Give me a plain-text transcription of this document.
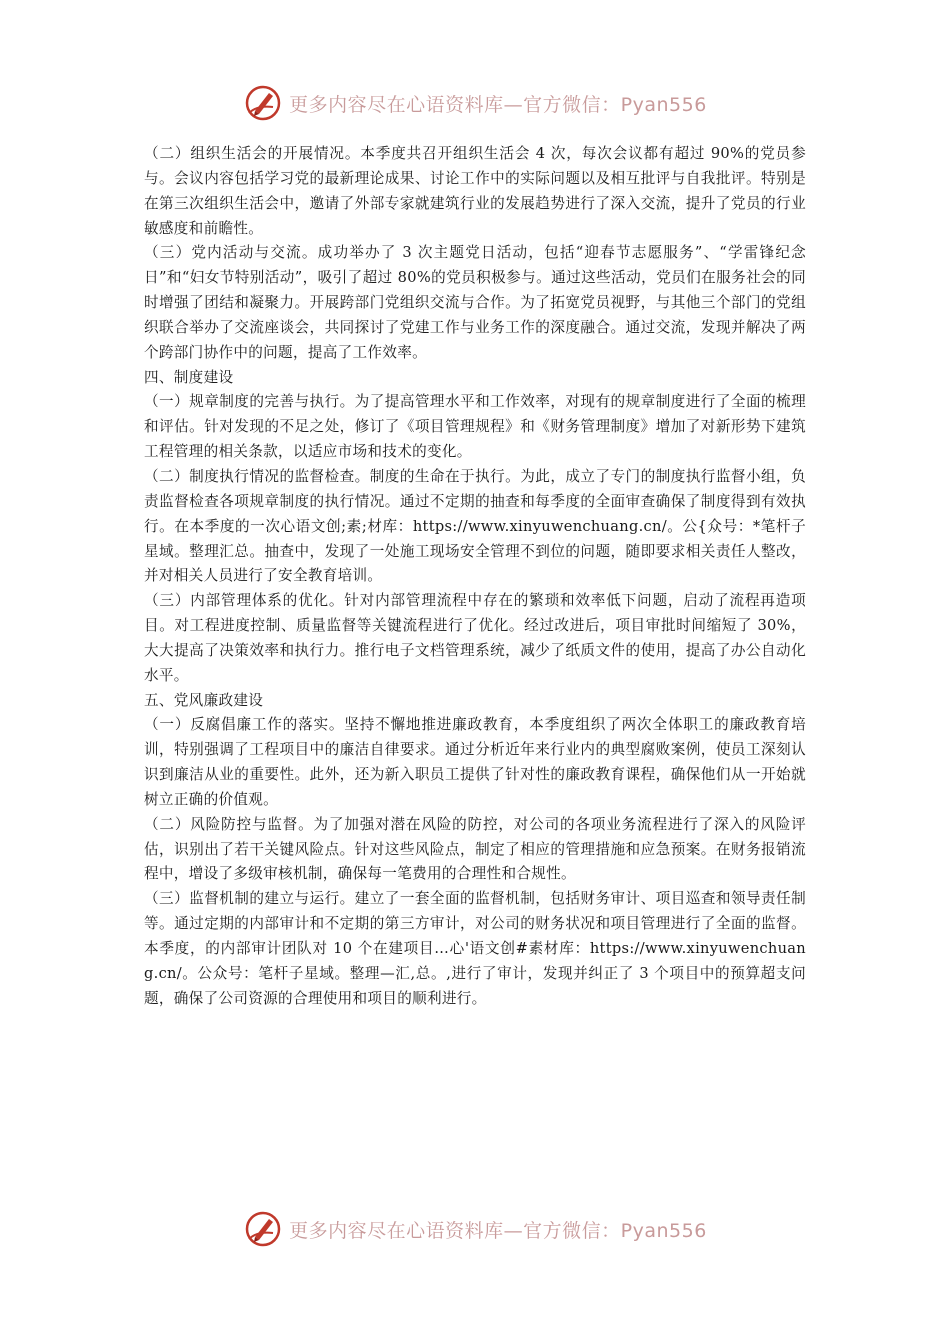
更多内容尽在心语资料库—官方微信：Pyan556

（二）组织生活会的开展情况。本季度共召开组织生活会 4 次，每次会议都有超过 90%的党员参与。会议内容包括学习党的最新理论成果、讨论工作中的实际问题以及相互批评与自我批评。特别是在第三次组织生活会中，邀请了外部专家就建筑行业的发展趋势进行了深入交流，提升了党员的行业敏感度和前瞻性。

（三）党内活动与交流。成功举办了 3 次主题党日活动，包括“迎春节志愿服务”、“学雷锋纪念日”和“妇女节特别活动”，吸引了超过 80%的党员积极参与。通过这些活动，党员们在服务社会的同时增强了团结和凝聚力。开展跨部门党组织交流与合作。为了拓宽党员视野，与其他三个部门的党组织联合举办了交流座谈会，共同探讨了党建工作与业务工作的深度融合。通过交流，发现并解决了两个跨部门协作中的问题，提高了工作效率。

四、制度建设

（一）规章制度的完善与执行。为了提高管理水平和工作效率，对现有的规章制度进行了全面的梳理和评估。针对发现的不足之处，修订了《项目管理规程》和《财务管理制度》增加了对新形势下建筑工程管理的相关条款，以适应市场和技术的变化。

（二）制度执行情况的监督检查。制度的生命在于执行。为此，成立了专门的制度执行监督小组，负责监督检查各项规章制度的执行情况。通过不定期的抽查和每季度的全面审查确保了制度得到有效执行。在本季度的一次心语文创;素;材库：https://www.xinyuwenchuang.cn/。公{众号：*笔杆子星域。整理汇总。抽查中，发现了一处施工现场安全管理不到位的问题，随即要求相关责任人整改，并对相关人员进行了安全教育培训。

（三）内部管理体系的优化。针对内部管理流程中存在的繁琐和效率低下问题，启动了流程再造项目。对工程进度控制、质量监督等关键流程进行了优化。经过改进后，项目审批时间缩短了 30%，大大提高了决策效率和执行力。推行电子文档管理系统，减少了纸质文件的使用，提高了办公自动化水平。

五、党风廉政建设

（一）反腐倡廉工作的落实。坚持不懈地推进廉政教育，本季度组织了两次全体职工的廉政教育培训，特别强调了工程项目中的廉洁自律要求。通过分析近年来行业内的典型腐败案例，使员工深刻认识到廉洁从业的重要性。此外，还为新入职员工提供了针对性的廉政教育课程，确保他们从一开始就树立正确的价值观。

（二）风险防控与监督。为了加强对潜在风险的防控，对公司的各项业务流程进行了深入的风险评估，识别出了若干关键风险点。针对这些风险点，制定了相应的管理措施和应急预案。在财务报销流程中，增设了多级审核机制，确保每一笔费用的合理性和合规性。

（三）监督机制的建立与运行。建立了一套全面的监督机制，包括财务审计、项目巡查和领导责任制等。通过定期的内部审计和不定期的第三方审计，对公司的财务状况和项目管理进行了全面的监督。本季度，的内部审计团队对 10 个在建项目…心'语文创#素材库：https://www.xinyuwenchuang.cn/。公众号：笔杆子星域。整理—汇,总。,进行了审计，发现并纠正了 3 个项目中的预算超支问题，确保了公司资源的合理使用和项目的顺利进行。

更多内容尽在心语资料库—官方微信：Pyan556
